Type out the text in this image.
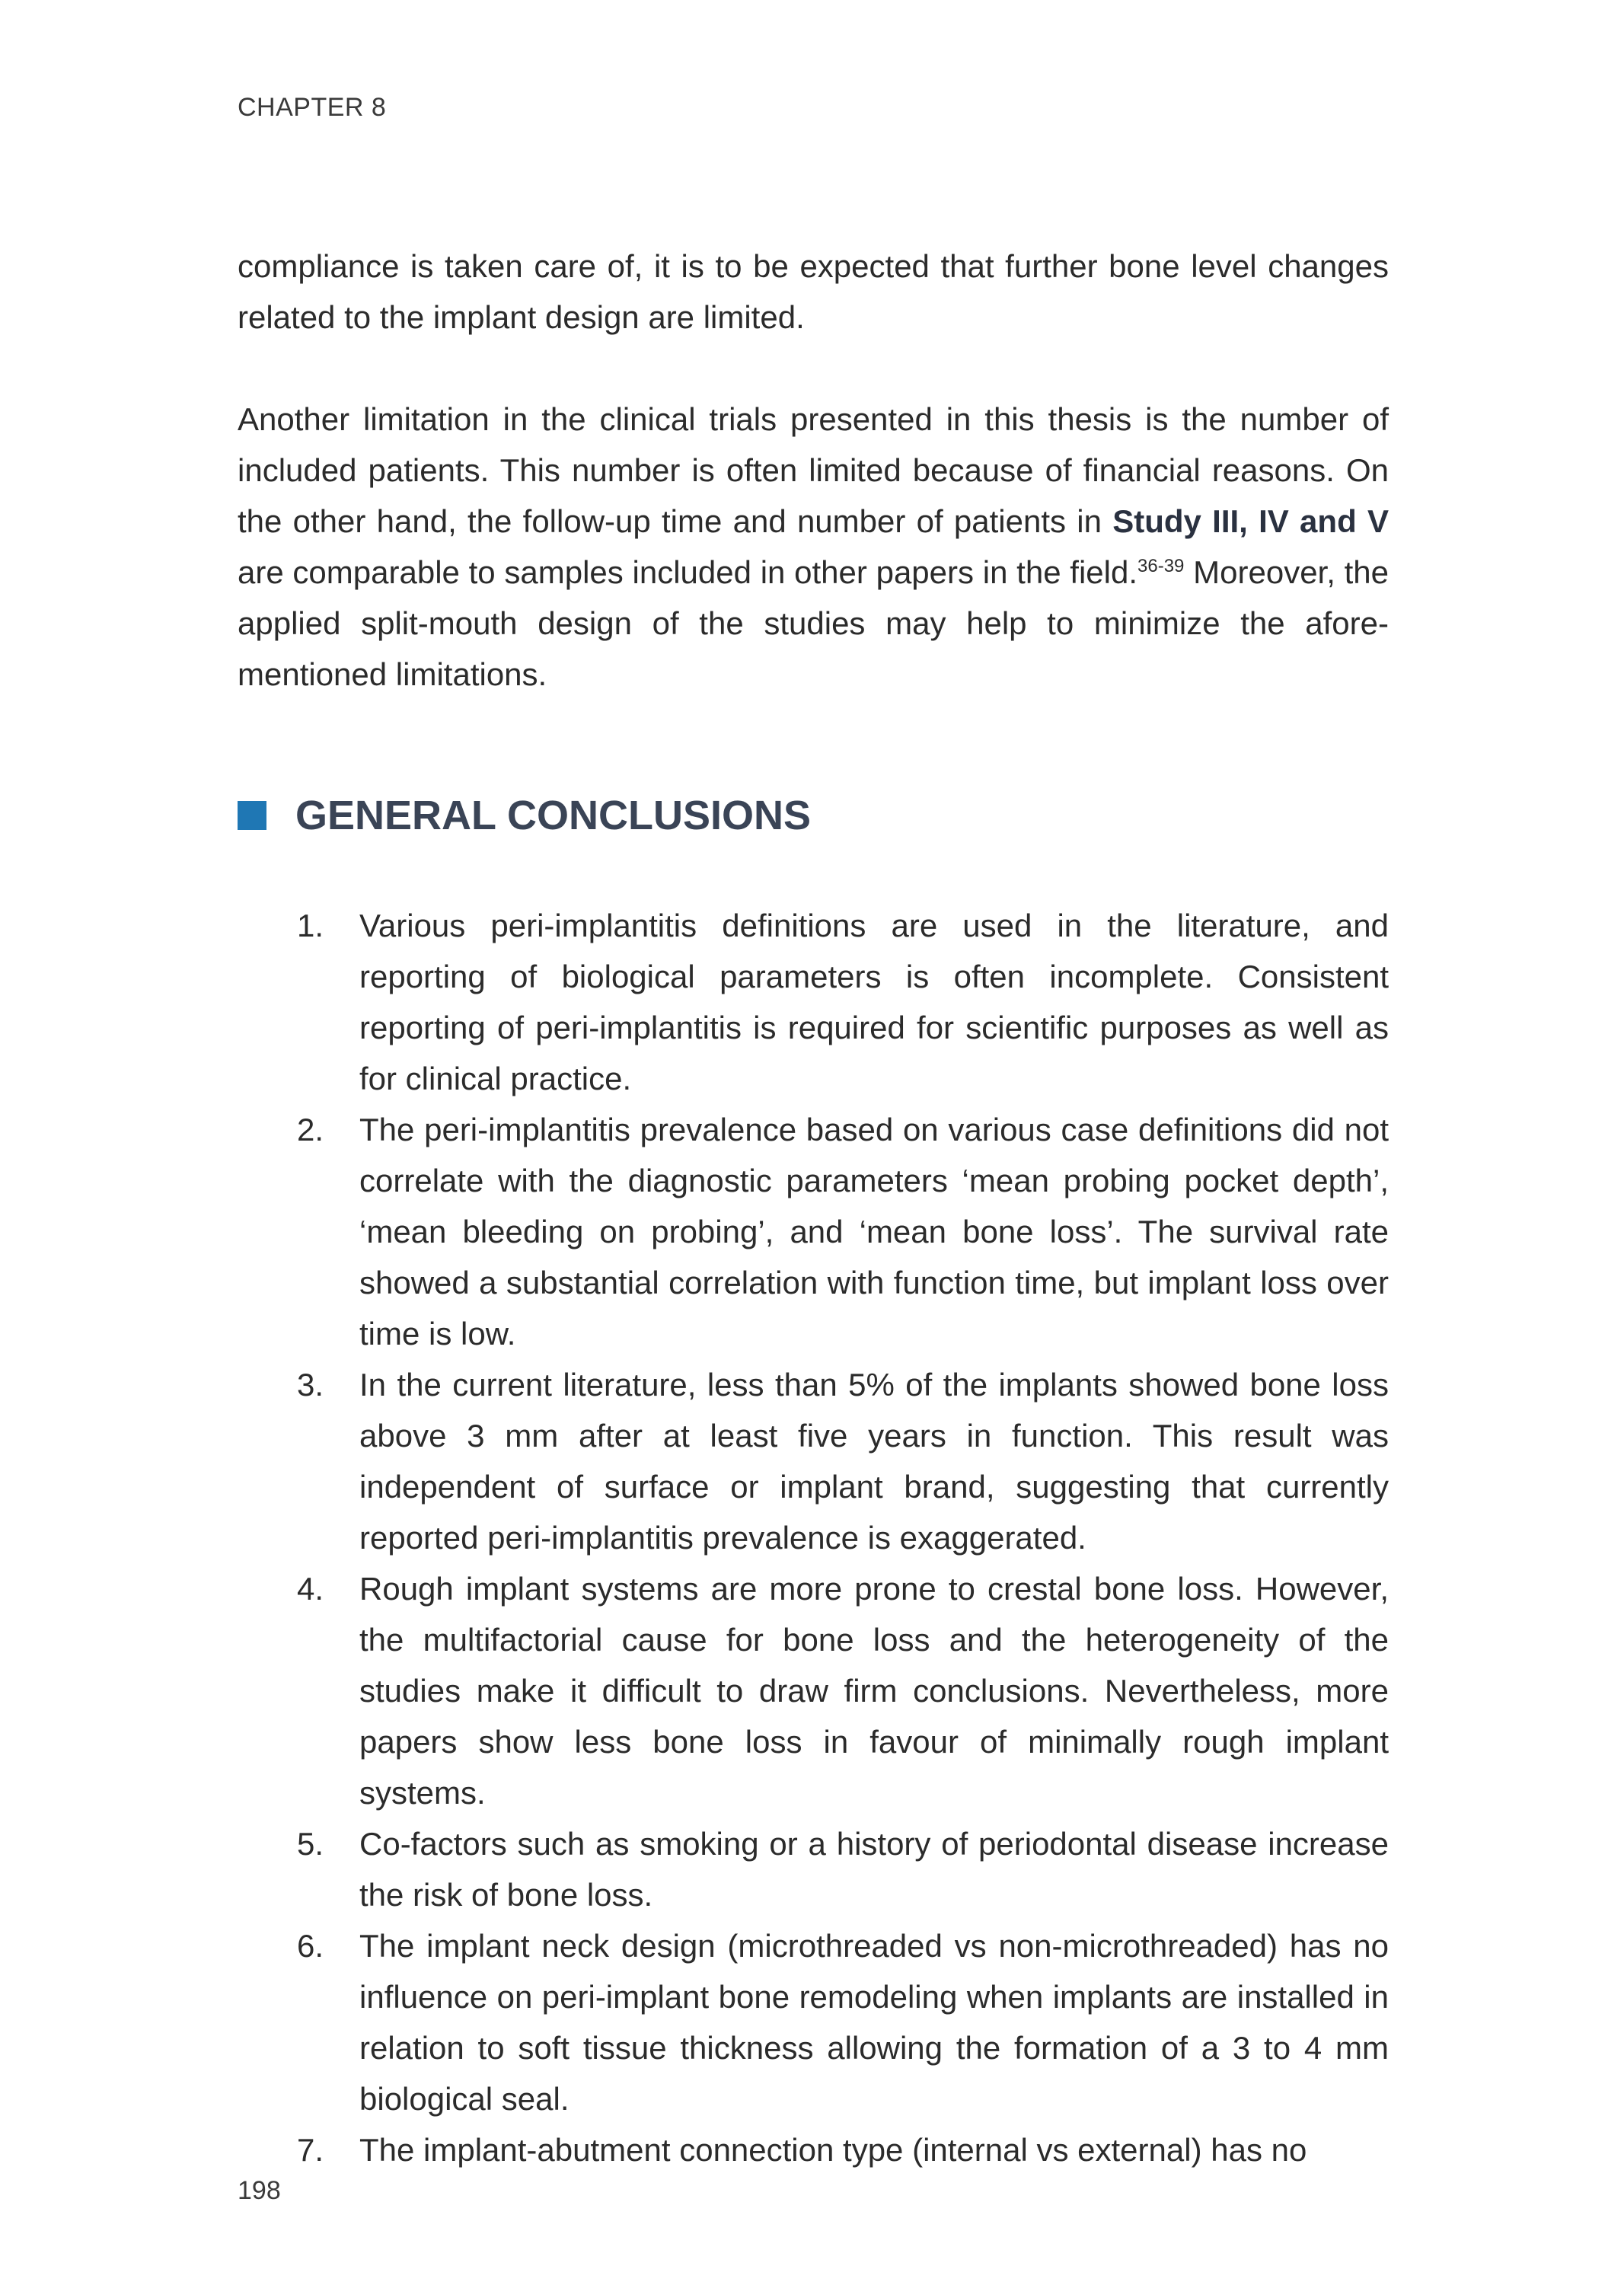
CHAPTER 8

compliance is taken care of, it is to be expected that further bone level changes related to the implant design are limited.

Another limitation in the clinical trials presented in this thesis is the number of included patients. This number is often limited because of financial reasons. On the other hand, the follow-up time and number of patients in Study III, IV and V are comparable to samples included in other papers in the field.$^{36-39}$ Moreover, the applied split-mouth design of the studies may help to minimize the afore-mentioned limitations.

GENERAL CONCLUSIONS
1. Various peri-implantitis definitions are used in the literature, and reporting of biological parameters is often incomplete. Consistent reporting of peri-implantitis is required for scientific purposes as well as for clinical practice.
2. The peri-implantitis prevalence based on various case definitions did not correlate with the diagnostic parameters ‘mean probing pocket depth’, ‘mean bleeding on probing’, and ‘mean bone loss’. The survival rate showed a substantial correlation with function time, but implant loss over time is low.
3. In the current literature, less than 5% of the implants showed bone loss above 3 mm after at least five years in function. This result was independent of surface or implant brand, suggesting that currently reported peri-implantitis prevalence is exaggerated.
4. Rough implant systems are more prone to crestal bone loss. However, the multifactorial cause for bone loss and the heterogeneity of the studies make it difficult to draw firm conclusions. Nevertheless, more papers show less bone loss in favour of minimally rough implant systems.
5. Co-factors such as smoking or a history of periodontal disease increase the risk of bone loss.
6. The implant neck design (microthreaded vs non-microthreaded) has no influence on peri-implant bone remodeling when implants are installed in relation to soft tissue thickness allowing the formation of a 3 to 4 mm biological seal.
7. The implant-abutment connection type (internal vs external) has no
198
